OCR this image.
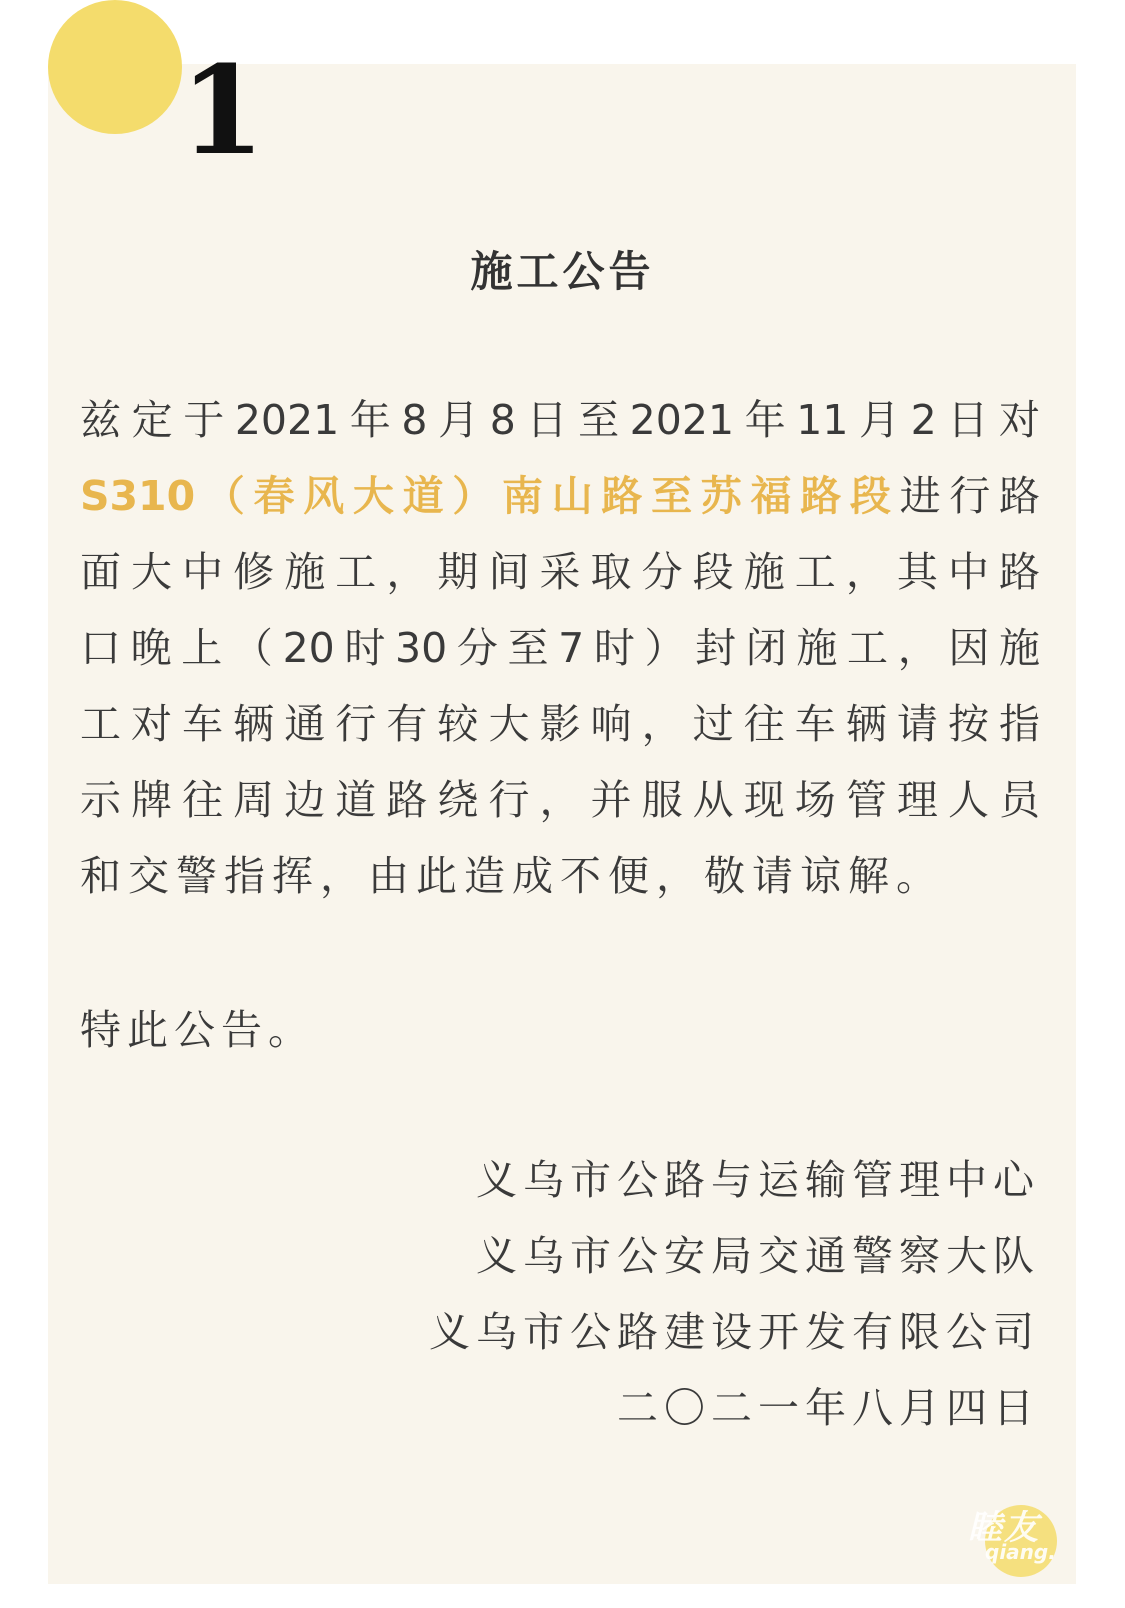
1
施工公告
兹定于2021年8月8日至2021年11月2日对
S310（春风大道）南山路至苏福路段进行路
面大中修施工，期间采取分段施工，其中路
口晚上（20时30分至7时）封闭施工，因施
工对车辆通行有较大影响，过往车辆请按指
示牌往周边道路绕行，并服从现场管理人员
和交警指挥，由此造成不便，敬请谅解。
特此公告。
义乌市公路与运输管理中心
义乌市公安局交通警察大队
义乌市公路建设开发有限公司
二〇二一年八月四日
睦友
qiang.
